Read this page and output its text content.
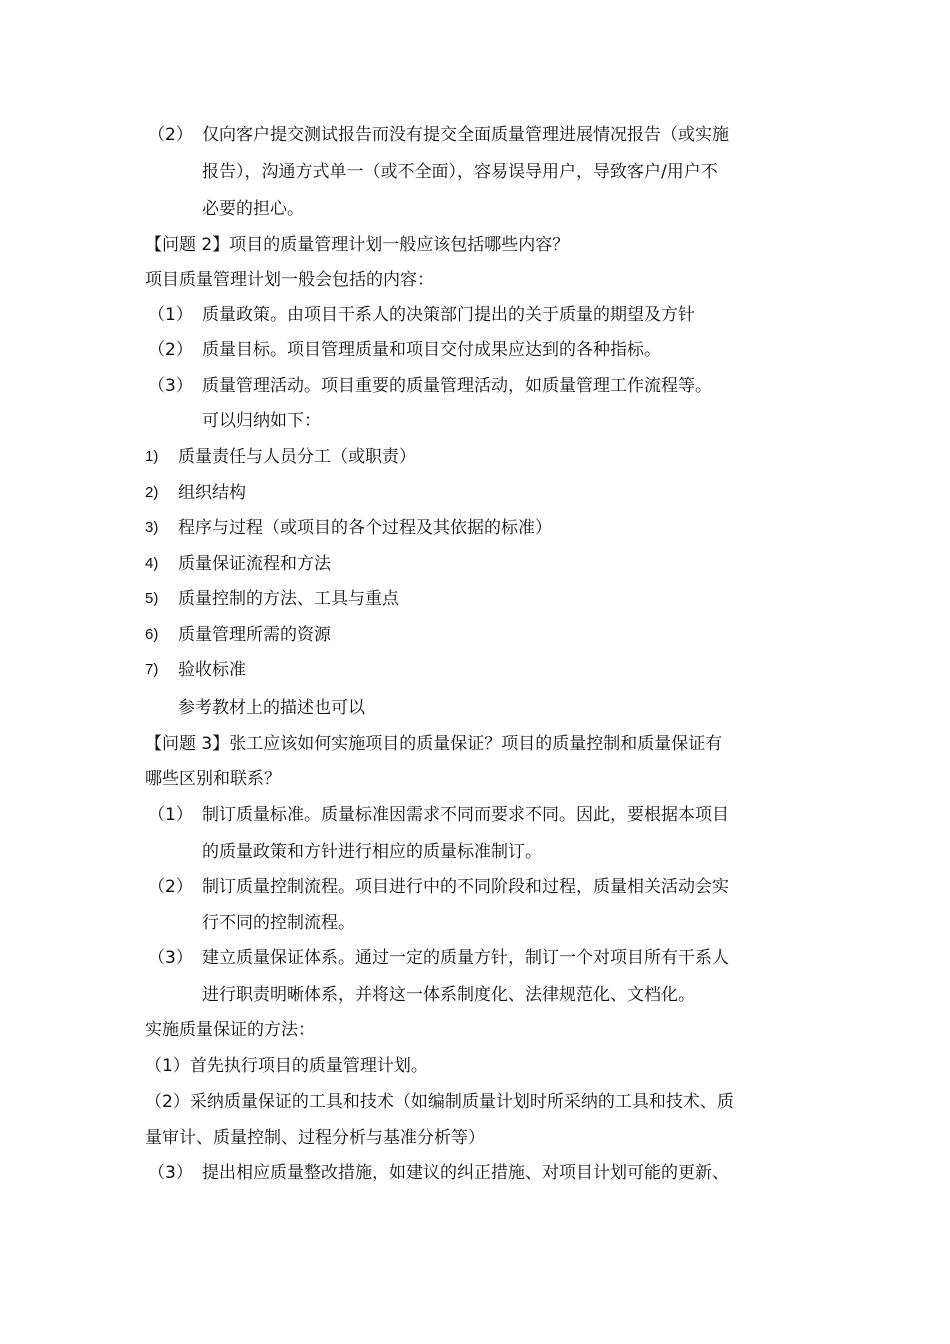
（2） 仅向客户提交测试报告而没有提交全面质量管理进展情况报告（或实施
报告），沟通方式单一（或不全面），容易误导用户，导致客户/用户不
必要的担心。
【问题 2】项目的质量管理计划一般应该包括哪些内容？
项目质量管理计划一般会包括的内容：
（1） 质量政策。由项目干系人的决策部门提出的关于质量的期望及方针
（2） 质量目标。项目管理质量和项目交付成果应达到的各种指标。
（3） 质量管理活动。项目重要的质量管理活动，如质量管理工作流程等。
可以归纳如下：
1) 质量责任与人员分工（或职责）
2) 组织结构
3) 程序与过程（或项目的各个过程及其依据的标准）
4) 质量保证流程和方法
5) 质量控制的方法、工具与重点
6) 质量管理所需的资源
7) 验收标准
参考教材上的描述也可以
【问题 3】张工应该如何实施项目的质量保证？项目的质量控制和质量保证有
哪些区别和联系？
（1） 制订质量标准。质量标准因需求不同而要求不同。因此，要根据本项目
的质量政策和方针进行相应的质量标准制订。
（2） 制订质量控制流程。项目进行中的不同阶段和过程，质量相关活动会实
行不同的控制流程。
（3） 建立质量保证体系。通过一定的质量方针，制订一个对项目所有干系人
进行职责明晰体系，并将这一体系制度化、法律规范化、文档化。
实施质量保证的方法：
（1）首先执行项目的质量管理计划。
（2）采纳质量保证的工具和技术（如编制质量计划时所采纳的工具和技术、质
量审计、质量控制、过程分析与基准分析等）
（3） 提出相应质量整改措施，如建议的纠正措施、对项目计划可能的更新、
